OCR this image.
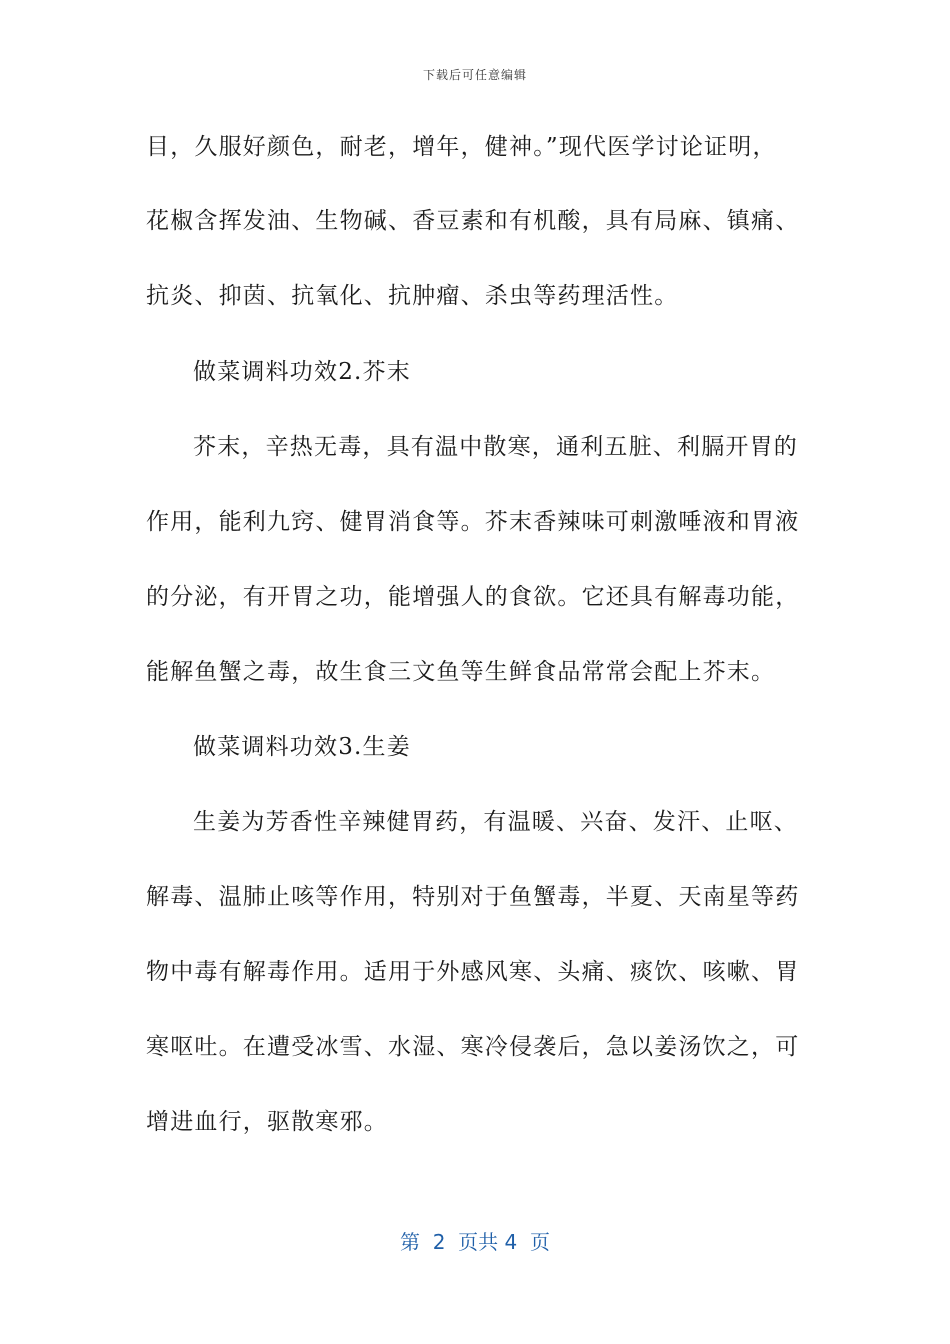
下载后可任意编辑
目，久服好颜色，耐老，增年，健神。”现代医学讨论证明，
花椒含挥发油、生物碱、香豆素和有机酸，具有局麻、镇痛、
抗炎、抑茵、抗氧化、抗肿瘤、杀虫等药理活性。
做菜调料功效2.芥末
芥末，辛热无毒，具有温中散寒，通利五脏、利膈开胃的
作用，能利九窍、健胃消食等。芥末香辣味可刺激唾液和胃液
的分泌，有开胃之功，能增强人的食欲。它还具有解毒功能，
能解鱼蟹之毒，故生食三文鱼等生鲜食品常常会配上芥末。
做菜调料功效3.生姜
生姜为芳香性辛辣健胃药，有温暖、兴奋、发汗、止呕、
解毒、温肺止咳等作用，特别对于鱼蟹毒，半夏、天南星等药
物中毒有解毒作用。适用于外感风寒、头痛、痰饮、咳嗽、胃
寒呕吐。在遭受冰雪、水湿、寒冷侵袭后，急以姜汤饮之，可
增进血行，驱散寒邪。
第  2  页共 4  页
